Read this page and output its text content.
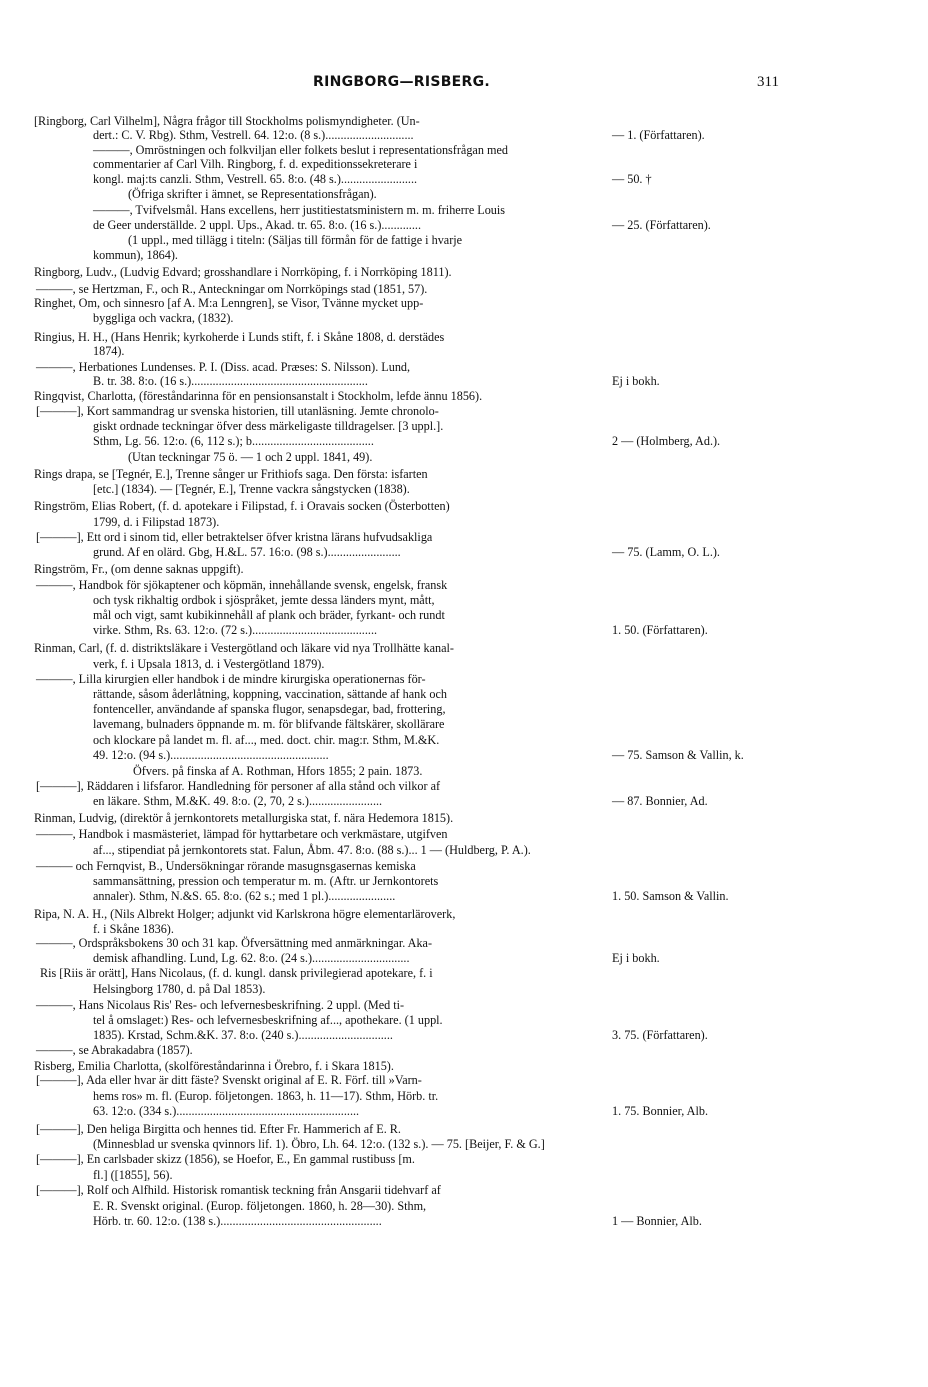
RINGBORG—RISBERG.	311
[Ringborg, Carl Vilhelm], Några frågor till Stockholms polismyndigheter. (Un-
dert.: C. V. Rbg). Sthm, Vestrell. 64. 12:o. (8 s.).............................	— 1. (Författaren).
———, Omröstningen och folkviljan eller folkets beslut i representationsfrågan med
commentarier af Carl Vilh. Ringborg, f. d. expeditionssekreterare i
kongl. maj:ts canzli. Sthm, Vestrell. 65. 8:o. (48 s.).........................	— 50. †
(Öfriga skrifter i ämnet, se Representationsfrågan).
———, Tvifvelsmål. Hans excellens, herr justitiestatsministern m. m. friherre Louis
de Geer underställde. 2 uppl. Ups., Akad. tr. 65. 8:o. (16 s.).............	— 25. (Författaren).
(1 uppl., med tillägg i titeln: (Säljas till förmån för de fattige i hvarje
kommun), 1864).
Ringborg, Ludv., (Ludvig Edvard; grosshandlare i Norrköping, f. i Norrköping 1811).
———, se Hertzman, F., och R., Anteckningar om Norrköpings stad (1851, 57).
Ringhet, Om, och sinnesro [af A. M:a Lenngren], se Visor, Tvänne mycket upp-
byggliga och vackra, (1832).
Ringius, H. H., (Hans Henrik; kyrkoherde i Lunds stift, f. i Skåne 1808, d. derstädes
1874).
———, Herbationes Lundenses. P. I. (Diss. acad. Præses: S. Nilsson). Lund,
B. tr. 38. 8:o. (16 s.)..........................................................	Ej i bokh.
Ringqvist, Charlotta, (föreståndarinna för en pensionsanstalt i Stockholm, lefde ännu 1856).
[———], Kort sammandrag ur svenska historien, till utanläsning. Jemte chronolo-
giskt ordnade teckningar öfver dess märkeligaste tilldragelser. [3 uppl.].
Sthm, Lg. 56. 12:o. (6, 112 s.); b........................................	2 — (Holmberg, Ad.).
(Utan teckningar 75 ö. — 1 och 2 uppl. 1841, 49).
Rings drapa, se [Tegnér, E.], Trenne sånger ur Frithiofs saga. Den första: isfarten
[etc.] (1834). — [Tegnér, E.], Trenne vackra sångstycken (1838).
Ringström, Elias Robert, (f. d. apotekare i Filipstad, f. i Oravais socken (Österbotten)
1799, d. i Filipstad 1873).
[———], Ett ord i sinom tid, eller betraktelser öfver kristna lärans hufvudsakliga
grund. Af en olärd. Gbg, H.&L. 57. 16:o. (98 s.)........................	— 75. (Lamm, O. L.).
Ringström, Fr., (om denne saknas uppgift).
———, Handbok för sjökaptener och köpmän, innehållande svensk, engelsk, fransk
och tysk rikhaltig ordbok i sjöspråket, jemte dessa länders mynt, mått,
mål och vigt, samt kubikinnehåll af plank och bräder, fyrkant- och rundt
virke. Sthm, Rs. 63. 12:o. (72 s.).........................................	1. 50. (Författaren).
Rinman, Carl, (f. d. distriktsläkare i Vestergötland och läkare vid nya Trollhätte kanal-
verk, f. i Upsala 1813, d. i Vestergötland 1879).
———, Lilla kirurgien eller handbok i de mindre kirurgiska operationernas för-
rättande, såsom åderlåtning, koppning, vaccination, sättande af hank och
fontenceller, användande af spanska flugor, senapsdegar, bad, frottering,
lavemang, bulnaders öppnande m. m. för blifvande fältskärer, skollärare
och klockare på landet m. fl. af..., med. doct. chir. mag:r. Sthm, M.&K.
49. 12:o. (94 s.)....................................................	— 75. Samson & Vallin, k.
Öfvers. på finska af A. Rothman, Hfors 1855; 2 pain. 1873.
[———], Räddaren i lifsfaror. Handledning för personer af alla stånd och vilkor af
en läkare. Sthm, M.&K. 49. 8:o. (2, 70, 2 s.)........................	— 87. Bonnier, Ad.
Rinman, Ludvig, (direktör å jernkontorets metallurgiska stat, f. nära Hedemora 1815).
———, Handbok i masmästeriet, lämpad för hyttarbetare och verkmästare, utgifven
af..., stipendiat på jernkontorets stat. Falun, Åbm. 47. 8:o. (88 s.)... 1 — (Huldberg, P. A.).
——— och Fernqvist, B., Undersökningar rörande masugnsgasernas kemiska
sammansättning, pression och temperatur m. m. (Aftr. ur Jernkontorets
annaler). Sthm, N.&S. 65. 8:o. (62 s.; med 1 pl.)......................	1. 50. Samson & Vallin.
Ripa, N. A. H., (Nils Albrekt Holger; adjunkt vid Karlskrona högre elementarläroverk,
f. i Skåne 1836).
———, Ordspråksbokens 30 och 31 kap. Öfversättning med anmärkningar. Aka-
demisk afhandling. Lund, Lg. 62. 8:o. (24 s.)................................	Ej i bokh.
Ris [Riis är orätt], Hans Nicolaus, (f. d. kungl. dansk privilegierad apotekare, f. i
Helsingborg 1780, d. på Dal 1853).
———, Hans Nicolaus Ris' Res- och lefvernesbeskrifning. 2 uppl. (Med ti-
tel å omslaget:) Res- och lefvernesbeskrifning af..., apothekare. (1 uppl.
1835). Krstad, Schm.&K. 37. 8:o. (240 s.)...............................	3. 75. (Författaren).
———, se Abrakadabra (1857).
Risberg, Emilia Charlotta, (skolföreståndarinna i Örebro, f. i Skara 1815).
[———], Ada eller hvar är ditt fäste? Svenskt original af E. R. Förf. till »Varn-
hems ros» m. fl. (Europ. följetongen. 1863, h. 11—17). Sthm, Hörb. tr.
63. 12:o. (334 s.)............................................................	1. 75. Bonnier, Alb.
[———], Den heliga Birgitta och hennes tid. Efter Fr. Hammerich af E. R.
(Minnesblad ur svenska qvinnors lif. 1). Öbro, Lh. 64. 12:o. (132 s.). — 75. [Beijer, F. & G.]
[———], En carlsbader skizz (1856), se Hoefor, E., En gammal rustibuss [m.
fl.] ([1855], 56).
[———], Rolf och Alfhild. Historisk romantisk teckning från Ansgarii tidehvarf af
E. R. Svenskt original. (Europ. följetongen. 1860, h. 28—30). Sthm,
Hörb. tr. 60. 12:o. (138 s.).....................................................	1 — Bonnier, Alb.
